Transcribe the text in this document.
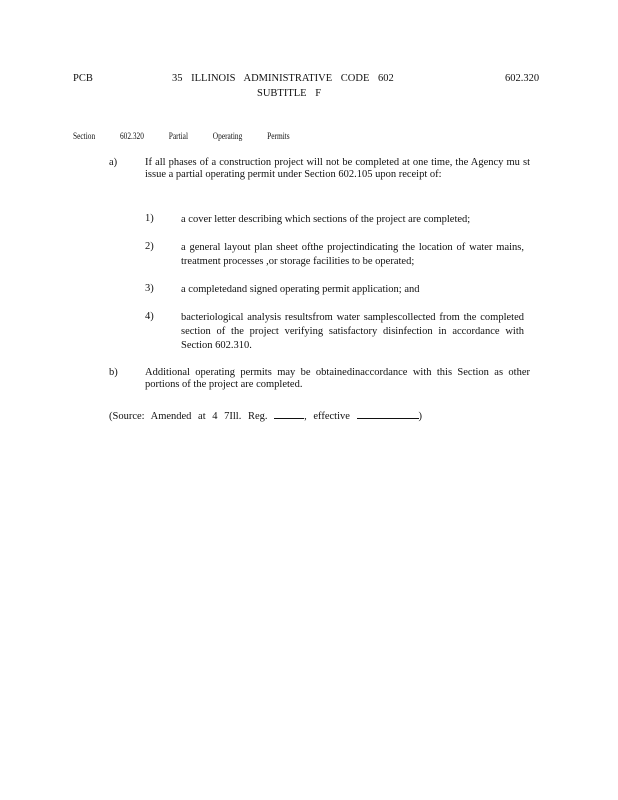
PCB	35 ILLINOIS ADMINISTRATIVE CODE 602
SUBTITLE F
602.320
Section 602.320 Partial Operating Permits
a)	If all phases of a construction project will not be completed at one time, the Agency mu st issue a partial operating permit under Section 602.105 upon receipt of:
1)	a cover letter describing which sections of the project are completed;
2)	a general layout plan sheet ofthe projectindicating the location of water mains, treatment processes ,or storage facilities to be operated;
3)	a completedand signed operating permit application; and
4)	bacteriological analysis resultsfrom water samplescollected from the completed section of the project verifying satisfactory disinfection in accordance with Section 602.310.
b)	Additional operating permits may be obtainedinaccordance with this Section as other portions of the project are completed.
(Source: Amended at 4 7Ill. Reg.	, effective	)
